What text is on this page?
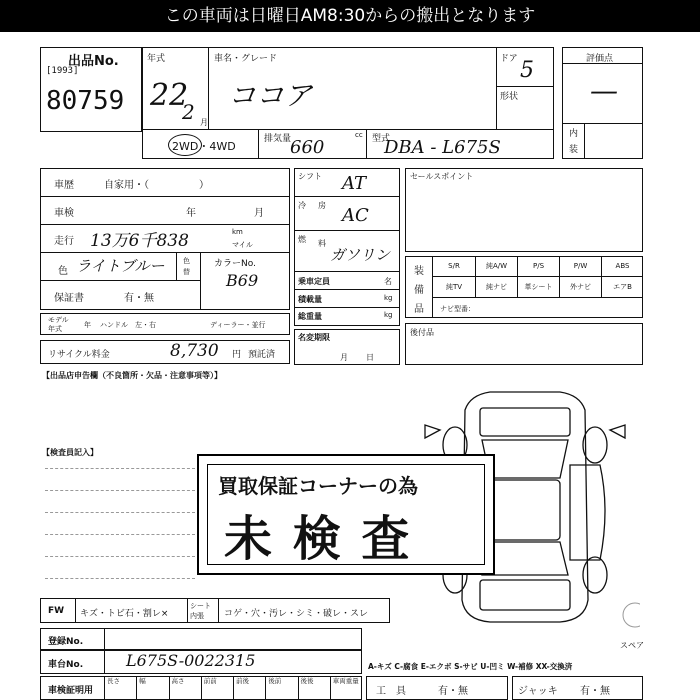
この車両は日曜日AM8:30からの搬出となります
出品No.
[1993]
80759
年式
22
2 月
車名・グレード
ココア
ドア 5
形状
2WD・4WD
排気量	cc
660	型式
DBA - L675S
評価点
—
内
装
車歴	自家用・（　　　　　）
車検	年	月
走行 13万6千838	km
マイル
色 ライトブルー	色
替
カラーNo.
B69
保証書	有・無
モデル
年式	年 ハンドル　左・右	ディーラー・並行
リサイクル料金	8,730 円 預託済
シフト AT
冷 房 AC
燃 料
ガソリン
乗車定員	名
積載量	kg
総重量	kg
名変期限
月日
セールスポイント
装
備
品
S/R	純A/W	P/S	P/W	ABS
純TV	純ナビ	革シート	外ナビ	エアB
ナビ型番：
後付品
【出品店申告欄（不良箇所・欠品・注意事項等）】
【検査員記入】
スペア
買取保証コーナーの為
未 検 査
FW キズ・トビ石・割レ×
シート
内張 コゲ・穴・汚レ・シミ・破レ・スレ
登録No.
車台No.	L675S-0022315
車検証明用
長さ	幅	高さ	前前	前後	後前	後後	車両重量
A-キズ C-腐食 E-エクボ S-サビ U-凹ミ W-補修 XX-交換済
工　具	有・無	ジャッキ 有・無
